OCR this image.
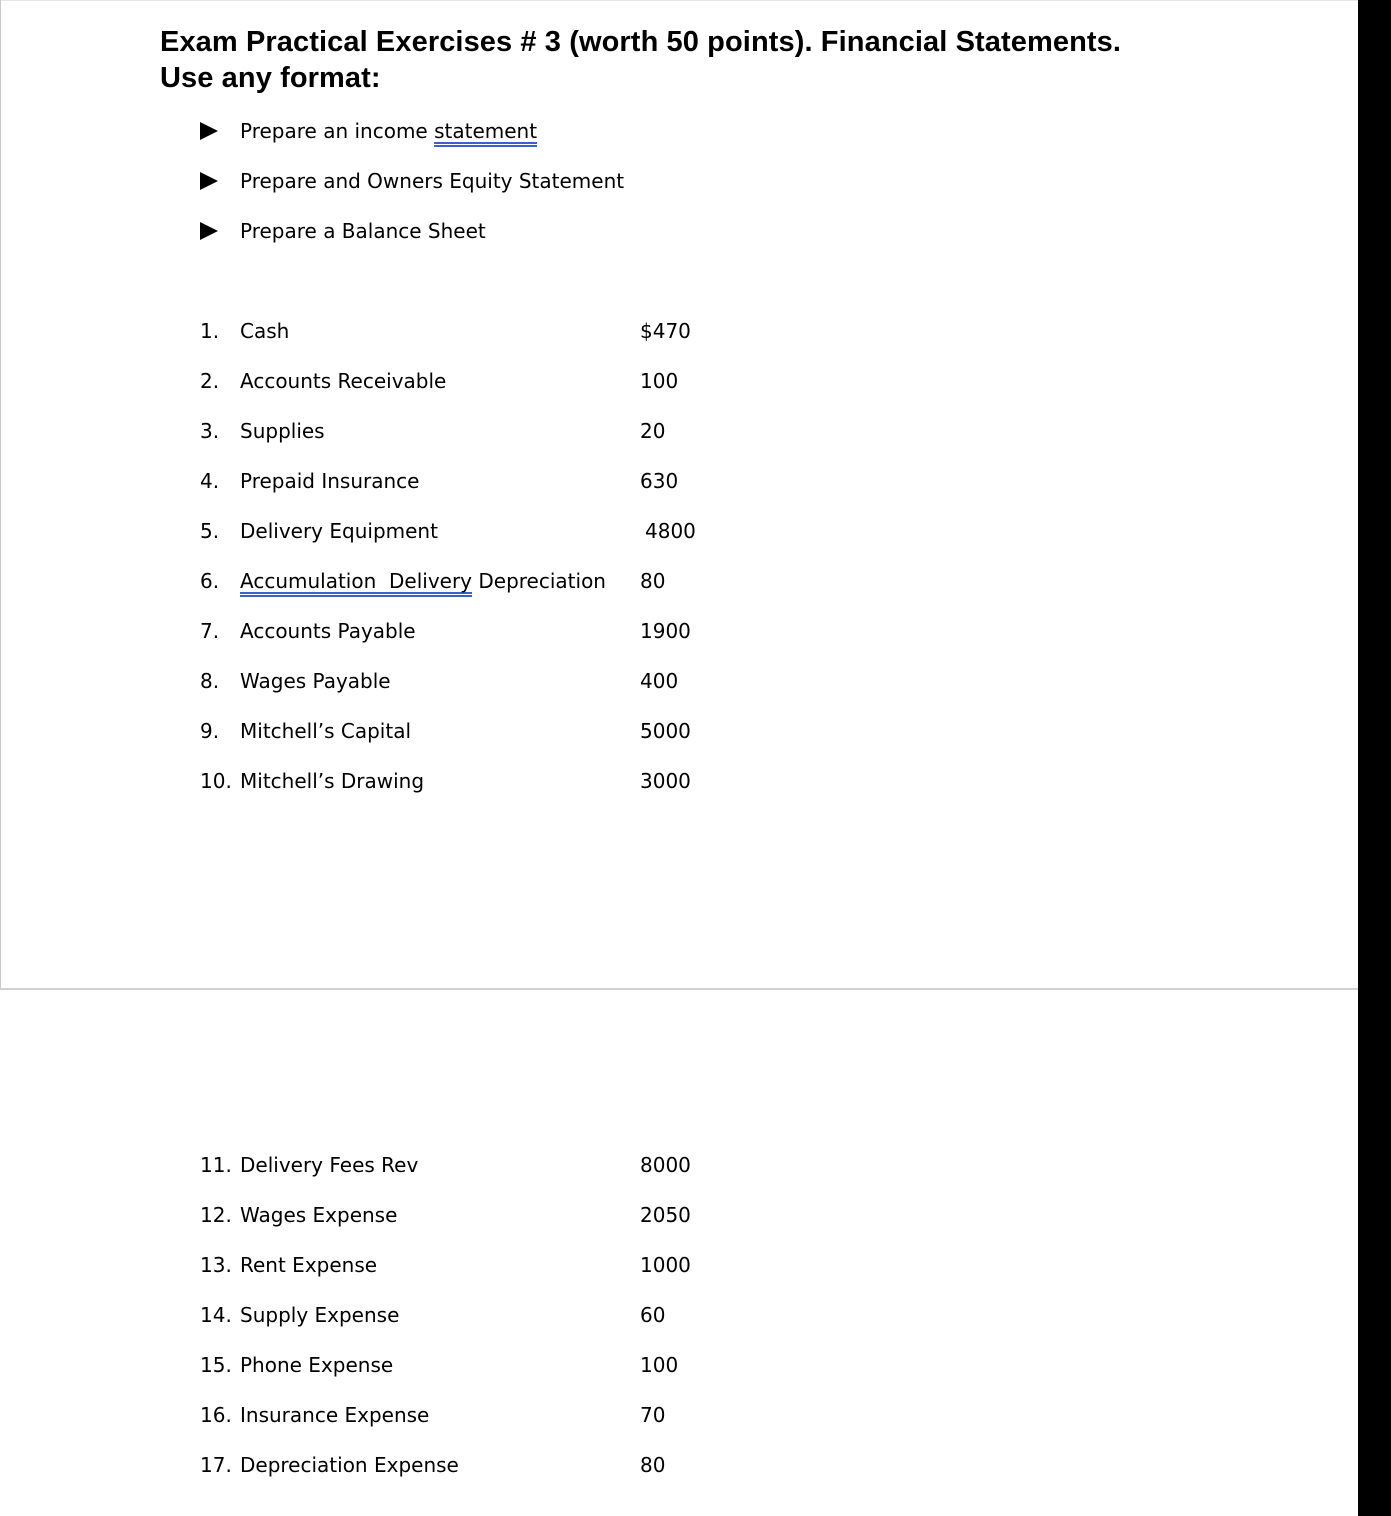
Exam Practical Exercises # 3 (worth 50 points). Financial Statements.
Use any format:
Prepare an income statement
Prepare and Owners Equity Statement
Prepare a Balance Sheet
1. Cash	$470
2. Accounts Receivable	100
3. Supplies	20
4. Prepaid Insurance	630
5. Delivery Equipment	4800
6. Accumulation  Delivery Depreciation 80
7. Accounts Payable	1900
8. Wages Payable	400
9. Mitchell’s Capital	5000
10. Mitchell’s Drawing	3000
11. Delivery Fees Rev	8000
12. Wages Expense	2050
13. Rent Expense	1000
14. Supply Expense	60
15. Phone Expense	100
16. Insurance Expense	70
17. Depreciation Expense	80
